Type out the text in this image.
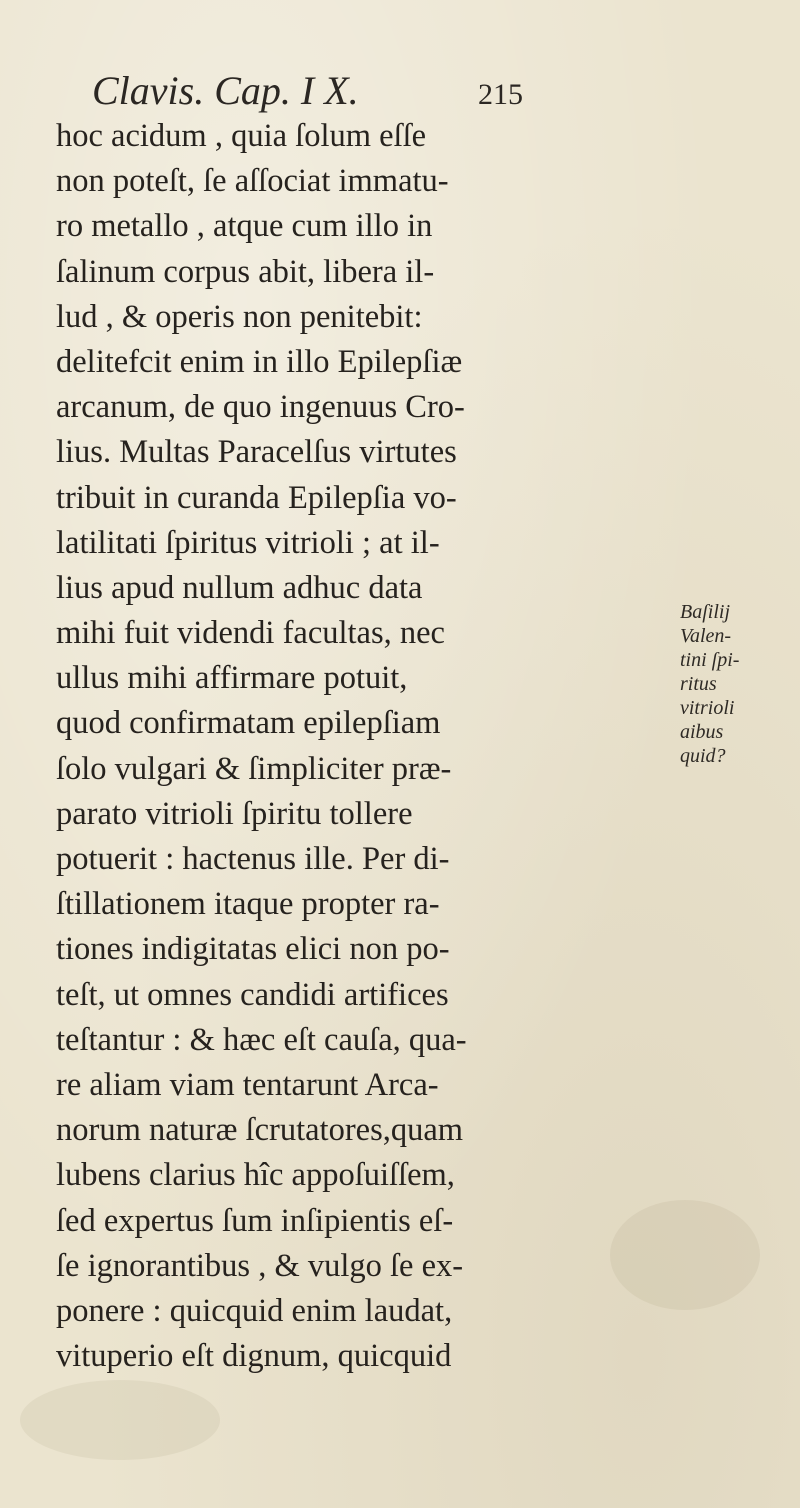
Clavis. Cap. I X.	215
hoc acidum , quia ſolum eſſe
non poteſt, ſe aſſociat immatu-
ro metallo , atque cum illo in
ſalinum corpus abit, libera il-
lud , & operis non penitebit:
delitefcit enim in illo Epilepſiæ
arcanum, de quo ingenuus Cro-
lius. Multas Paracelſus virtutes
tribuit in curanda Epilepſia vo-
latilitati ſpiritus vitrioli ; at il-
lius apud nullum adhuc data
mihi fuit videndi facultas, nec
ullus mihi affirmare potuit,
quod confirmatam epilepſiam
ſolo vulgari & ſimpliciter præ-
parato vitrioli ſpiritu tollere
potuerit : hactenus ille. Per di-
ſtillationem itaque propter ra-
tiones indigitatas elici non po-
teſt, ut omnes candidi artifices
teſtantur : & hæc eſt cauſa, qua-
re aliam viam tentarunt Arca-
norum naturæ ſcrutatores,quam
lubens clarius hîc appoſuiſſem,
ſed expertus ſum inſipientis eſ-
ſe ignorantibus , & vulgo ſe ex-
ponere : quicquid enim laudat,
vituperio eſt dignum, quicquid
Baſilij
Valen-
tini ſpi-
ritus
vitrioli
aibus
quid?
